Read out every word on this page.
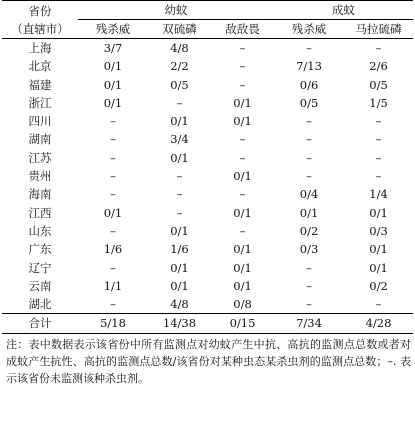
省份
（直辖市）	幼蚊			成蚊	
	残杀威	双硫磷	敌敌畏	残杀威	马拉硫磷
上海	3/7	4/8	–	–	–
北京	0/1	2/2	–	7/13	2/6
福建	0/1	0/5	–	0/6	0/5
浙江	0/1	–	0/1	0/5	1/5
四川	–	0/1	0/1	–	–
湖南	–	3/4	–	–	–
江苏	–	0/1	–	–	–
贵州	–	–	0/1	–	–
海南	–	–	–	0/4	1/4
江西	0/1	–	0/1	0/1	0/1
山东	–	0/1	–	0/2	0/3
广东	1/6	1/6	0/1	0/3	0/1
辽宁	–	0/1	0/1	–	0/1
云南	1/1	0/1	0/1	–	0/2
湖北	–	4/8	0/8	–	–
合计	5/18	14/38	0/15	7/34	4/28

注：表中数据表示该省份中所有监测点对幼蚊产生中抗、高抗的监测点总数或者对成蚊产生抗性、高抗的监测点总数/该省份对某种虫态某杀虫剂的监测点总数；–. 表示该省份未监测该种杀虫剂。
